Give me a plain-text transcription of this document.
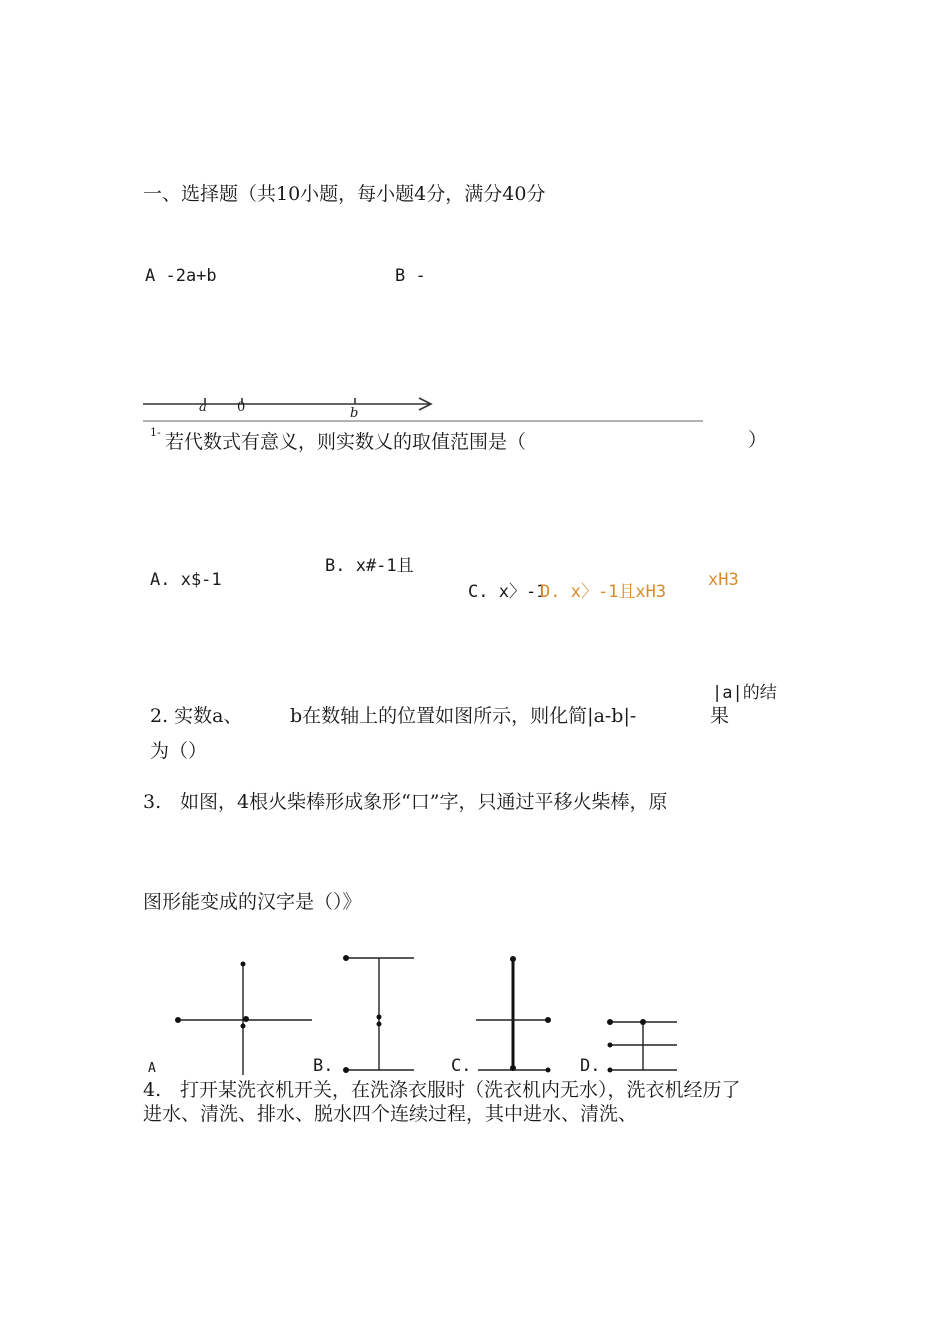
一、选择题（共10小题，每小题4分，满分40分
A -2a+b	B -
a 0	b
1- 若代数式有意义，则实数乂的取值范围是（	）
A. x$-1
B. x#-1且
C. x〉-1
D. x〉-1且xH3
xH3
|a|的结
2. 实数a、	b在数轴上的位置如图所示，则化简|a-b|-	果
为（）
3. 如图，4根火柴棒形成象形“口”字，只通过平移火柴棒，原
图形能变成的汉字是（）》
A	B.	C.	D.
4. 打开某洗衣机开关，在洗涤衣服时（洗衣机内无水），洗衣机经历了
进水、清洗、排水、脱水四个连续过程，其中进水、清洗、
